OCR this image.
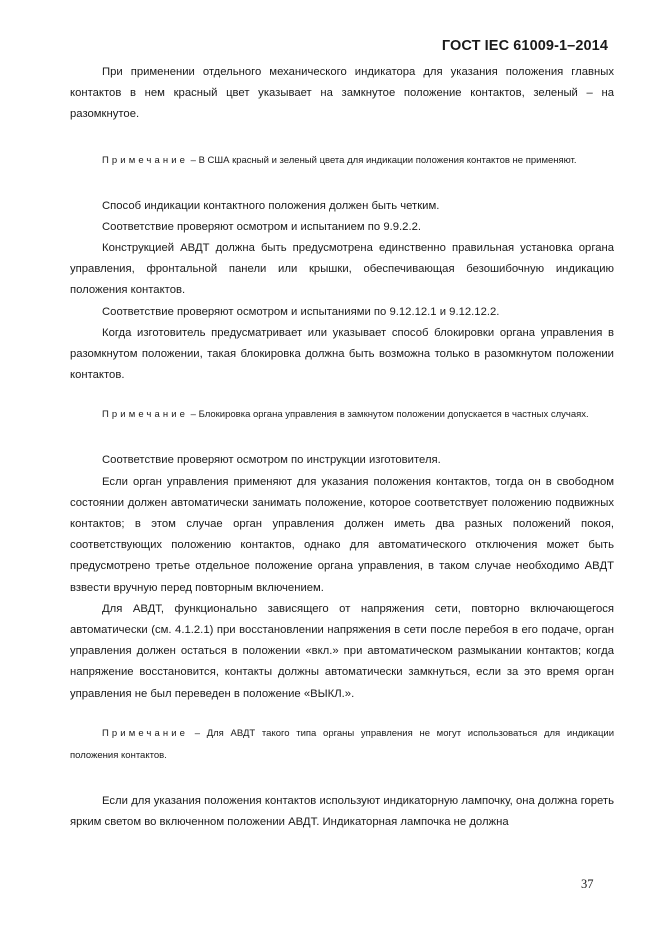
ГОСТ IEC 61009-1–2014

При применении отдельного механического индикатора для указания положения главных контактов в нем красный цвет указывает на замкнутое положение контактов, зеленый – на разомкнутое.

Примечание – В США красный и зеленый цвета для индикации положения контактов не применяют.

Способ индикации контактного положения должен быть четким.

Соответствие проверяют осмотром и испытанием по 9.9.2.2.

Конструкцией АВДТ должна быть предусмотрена единственно правильная установка органа управления, фронтальной панели или крышки, обеспечивающая безошибочную индикацию положения контактов.

Соответствие проверяют осмотром и испытаниями по 9.12.12.1 и 9.12.12.2.

Когда изготовитель предусматривает или указывает способ блокировки органа управления в разомкнутом положении, такая блокировка должна быть возможна только в разомкнутом положении контактов.

Примечание – Блокировка органа управления в замкнутом положении допускается в частных случаях.

Соответствие проверяют осмотром по инструкции изготовителя.

Если орган управления применяют для указания положения контактов, тогда он в свободном состоянии должен автоматически занимать положение, которое соответствует положению подвижных контактов; в этом случае орган управления должен иметь два разных положений покоя, соответствующих положению контактов, однако для автоматического отключения может быть предусмотрено третье отдельное положение органа управления, в таком случае необходимо АВДТ взвести вручную перед повторным включением.

Для АВДТ, функционально зависящего от напряжения сети, повторно включающегося автоматически (см. 4.1.2.1) при восстановлении напряжения в сети после перебоя в его подаче, орган управления должен остаться в положении «вкл.» при автоматическом размыкании контактов; когда напряжение восстановится, контакты должны автоматически замкнуться, если за это время орган управления не был переведен в положение «ВЫКЛ.».

Примечание – Для АВДТ такого типа органы управления не могут использоваться для индикации положения контактов.

Если для указания положения контактов используют индикаторную лампочку, она должна гореть ярким светом во включенном положении АВДТ. Индикаторная лампочка не должна

37
